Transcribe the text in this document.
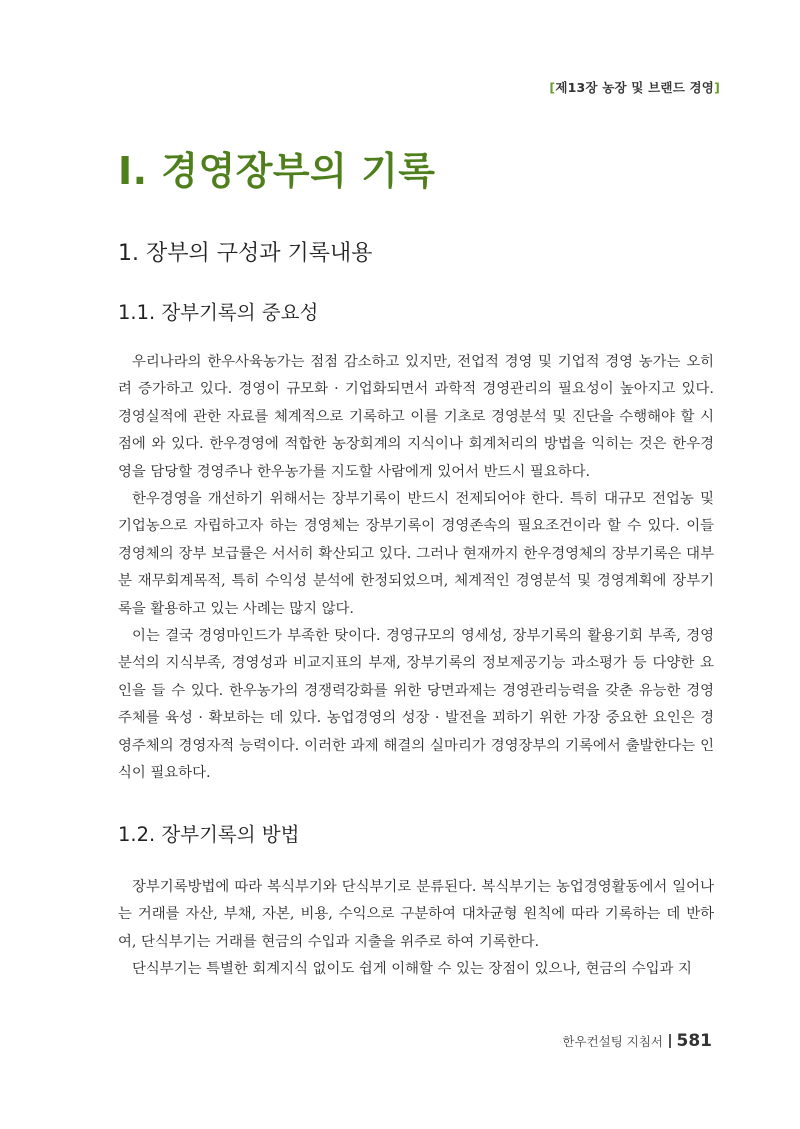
[제13장 농장 및 브랜드 경영]
Ⅰ. 경영장부의 기록
1. 장부의 구성과 기록내용
1.1. 장부기록의 중요성

우리나라의 한우사육농가는 점점 감소하고 있지만, 전업적 경영 및 기업적 경영 농가는 오히려 증가하고 있다. 경영이 규모화 · 기업화되면서 과학적 경영관리의 필요성이 높아지고 있다. 경영실적에 관한 자료를 체계적으로 기록하고 이를 기초로 경영분석 및 진단을 수행해야 할 시점에 와 있다. 한우경영에 적합한 농장회계의 지식이나 회계처리의 방법을 익히는 것은 한우경영을 담당할 경영주나 한우농가를 지도할 사람에게 있어서 반드시 필요하다.

한우경영을 개선하기 위해서는 장부기록이 반드시 전제되어야 한다. 특히 대규모 전업농 및 기업농으로 자립하고자 하는 경영체는 장부기록이 경영존속의 필요조건이라 할 수 있다. 이들 경영체의 장부 보급률은 서서히 확산되고 있다. 그러나 현재까지 한우경영체의 장부기록은 대부분 재무회계목적, 특히 수익성 분석에 한정되었으며, 체계적인 경영분석 및 경영계획에 장부기록을 활용하고 있는 사례는 많지 않다.

이는 결국 경영마인드가 부족한 탓이다. 경영규모의 영세성, 장부기록의 활용기회 부족, 경영분석의 지식부족, 경영성과 비교지표의 부재, 장부기록의 정보제공기능 과소평가 등 다양한 요인을 들 수 있다. 한우농가의 경쟁력강화를 위한 당면과제는 경영관리능력을 갖춘 유능한 경영주체를 육성 · 확보하는 데 있다. 농업경영의 성장 · 발전을 꾀하기 위한 가장 중요한 요인은 경영주체의 경영자적 능력이다. 이러한 과제 해결의 실마리가 경영장부의 기록에서 출발한다는 인식이 필요하다.

1.2. 장부기록의 방법

장부기록방법에 따라 복식부기와 단식부기로 분류된다. 복식부기는 농업경영활동에서 일어나는 거래를 자산, 부채, 자본, 비용, 수익으로 구분하여 대차균형 원칙에 따라 기록하는 데 반하여, 단식부기는 거래를 현금의 수입과 지출을 위주로 하여 기록한다.

단식부기는 특별한 회계지식 없이도 쉽게 이해할 수 있는 장점이 있으나, 현금의 수입과 지

한우컨설팅 지침서 581
